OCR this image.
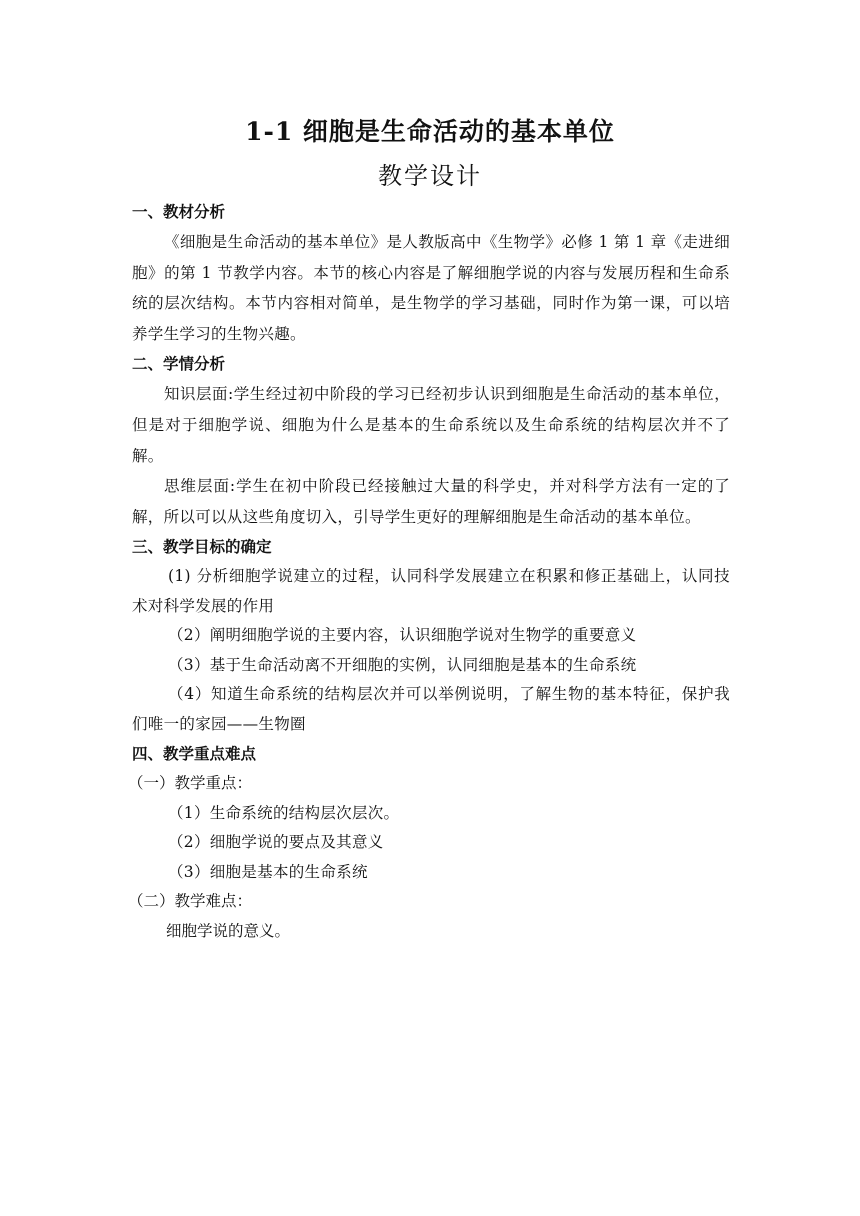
1-1 细胞是生命活动的基本单位
教学设计
一、教材分析
《细胞是生命活动的基本单位》是人教版高中《生物学》必修 1 第 1 章《走进细胞》的第 1 节教学内容。本节的核心内容是了解细胞学说的内容与发展历程和生命系统的层次结构。本节内容相对简单，是生物学的学习基础，同时作为第一课，可以培养学生学习的生物兴趣。
二、学情分析
知识层面:学生经过初中阶段的学习已经初步认识到细胞是生命活动的基本单位，但是对于细胞学说、细胞为什么是基本的生命系统以及生命系统的结构层次并不了解。
思维层面:学生在初中阶段已经接触过大量的科学史，并对科学方法有一定的了解，所以可以从这些角度切入，引导学生更好的理解细胞是生命活动的基本单位。
三、教学目标的确定
(1) 分析细胞学说建立的过程，认同科学发展建立在积累和修正基础上，认同技术对科学发展的作用
（2）阐明细胞学说的主要内容，认识细胞学说对生物学的重要意义
（3）基于生命活动离不开细胞的实例，认同细胞是基本的生命系统
（4）知道生命系统的结构层次并可以举例说明，了解生物的基本特征，保护我们唯一的家园——生物圈
四、教学重点难点
（一）教学重点：
（1）生命系统的结构层次层次。
（2）细胞学说的要点及其意义
（3）细胞是基本的生命系统
（二）教学难点：
细胞学说的意义。
